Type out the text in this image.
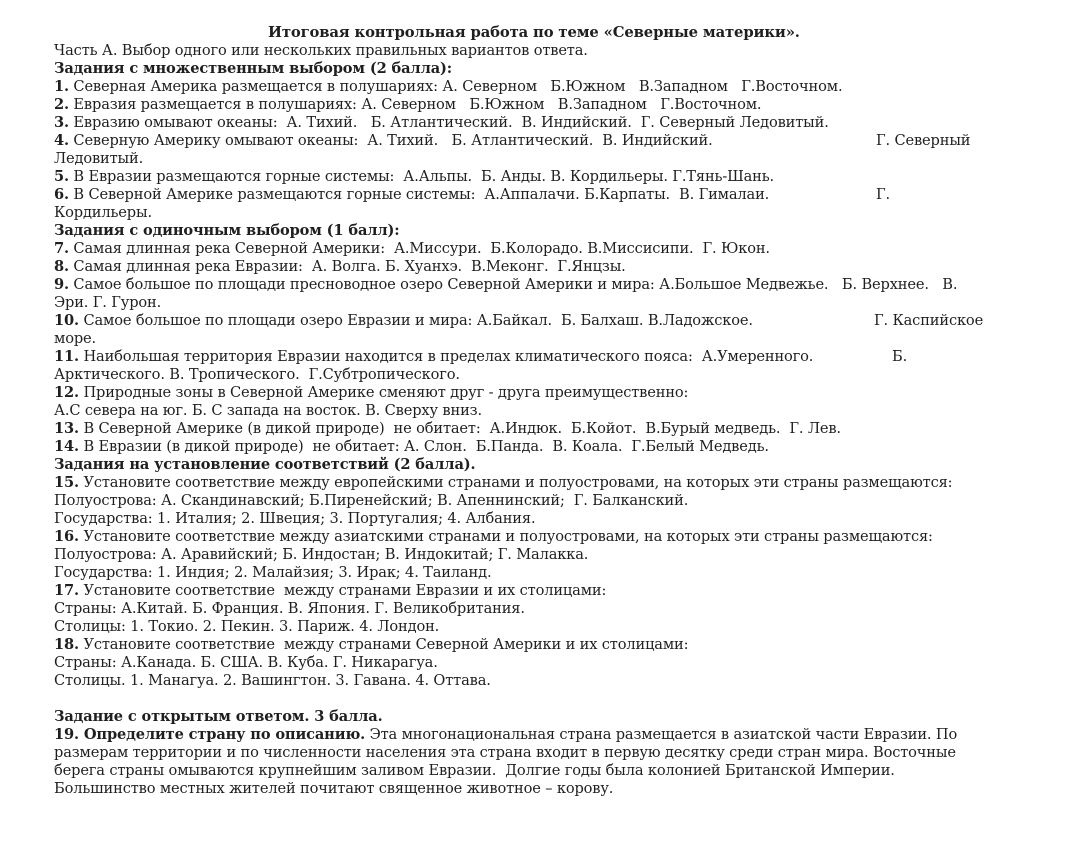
Итоговая контрольная работа по теме «Северные материки».
Часть А. Выбор одного или нескольких правильных вариантов ответа.
Задания с множественным выбором (2 балла):
1. Северная Америка размещается в полушариях: А. Северном   Б.Южном   В.Западном   Г.Восточном.
2. Евразия размещается в полушариях: А. Северном   Б.Южном   В.Западном   Г.Восточном.
3. Евразию омывают океаны:  А. Тихий.   Б. Атлантический.  В. Индийский.  Г. Северный Ледовитый.
4. Северную Америку омывают океаны:  А. Тихий.   Б. Атлантический.  В. Индийский.	Г. Северный
Ледовитый.
5. В Евразии размещаются горные системы:  А.Альпы.  Б. Анды. В. Кордильеры. Г.Тянь-Шань.
6. В Северной Америке размещаются горные системы:  А.Аппалачи. Б.Карпаты.  В. Гималаи.	Г.
Кордильеры.
Задания с одиночным выбором (1 балл):
7. Самая длинная река Северной Америки:  А.Миссури.  Б.Колорадо. В.Миссисипи.  Г. Юкон.
8. Самая длинная река Евразии:  А. Волга. Б. Хуанхэ.  В.Меконг.  Г.Янцзы.
9. Самое большое по площади пресноводное озеро Северной Америки и мира: А.Большое Медвежье.   Б. Верхнее.   В.
Эри. Г. Гурон.
10. Самое большое по площади озеро Евразии и мира: А.Байкал.  Б. Балхаш. В.Ладожское.	Г. Каспийское
море.
11. Наибольшая территория Евразии находится в пределах климатического пояса:  А.Умеренного.	Б.
Арктического. В. Тропического.  Г.Субтропического.
12. Природные зоны в Северной Америке сменяют друг - друга преимущественно:
А.С севера на юг. Б. С запада на восток. В. Сверху вниз.
13. В Северной Америке (в дикой природе)  не обитает:  А.Индюк.  Б.Койот.  В.Бурый медведь.  Г. Лев.
14. В Евразии (в дикой природе)  не обитает: А. Слон.  Б.Панда.  В. Коала.  Г.Белый Медведь.
Задания на установление соответствий (2 балла).
15. Установите соответствие между европейскими странами и полуостровами, на которых эти страны размещаются:
Полуострова: А. Скандинавский; Б.Пиренейский; В. Апеннинский;  Г. Балканский.
Государства: 1. Италия; 2. Швеция; 3. Португалия; 4. Албания.
16. Установите соответствие между азиатскими странами и полуостровами, на которых эти страны размещаются:
Полуострова: А. Аравийский; Б. Индостан; В. Индокитай; Г. Малакка.
Государства: 1. Индия; 2. Малайзия; 3. Ирак; 4. Таиланд.
17. Установите соответствие  между странами Евразии и их столицами:
Страны: А.Китай. Б. Франция. В. Япония. Г. Великобритания.
Столицы: 1. Токио. 2. Пекин. 3. Париж. 4. Лондон.
18. Установите соответствие  между странами Северной Америки и их столицами:
Страны: А.Канада. Б. США. В. Куба. Г. Никарагуа.
Столицы. 1. Манагуа. 2. Вашингтон. 3. Гавана. 4. Оттава.
Задание с открытым ответом. 3 балла.
19. Определите страну по описанию. Эта многонациональная страна размещается в азиатской части Евразии. По
размерам территории и по численности населения эта страна входит в первую десятку среди стран мира. Восточные
берега страны омываются крупнейшим заливом Евразии.  Долгие годы была колонией Британской Империи.
Большинство местных жителей почитают священное животное – корову.
